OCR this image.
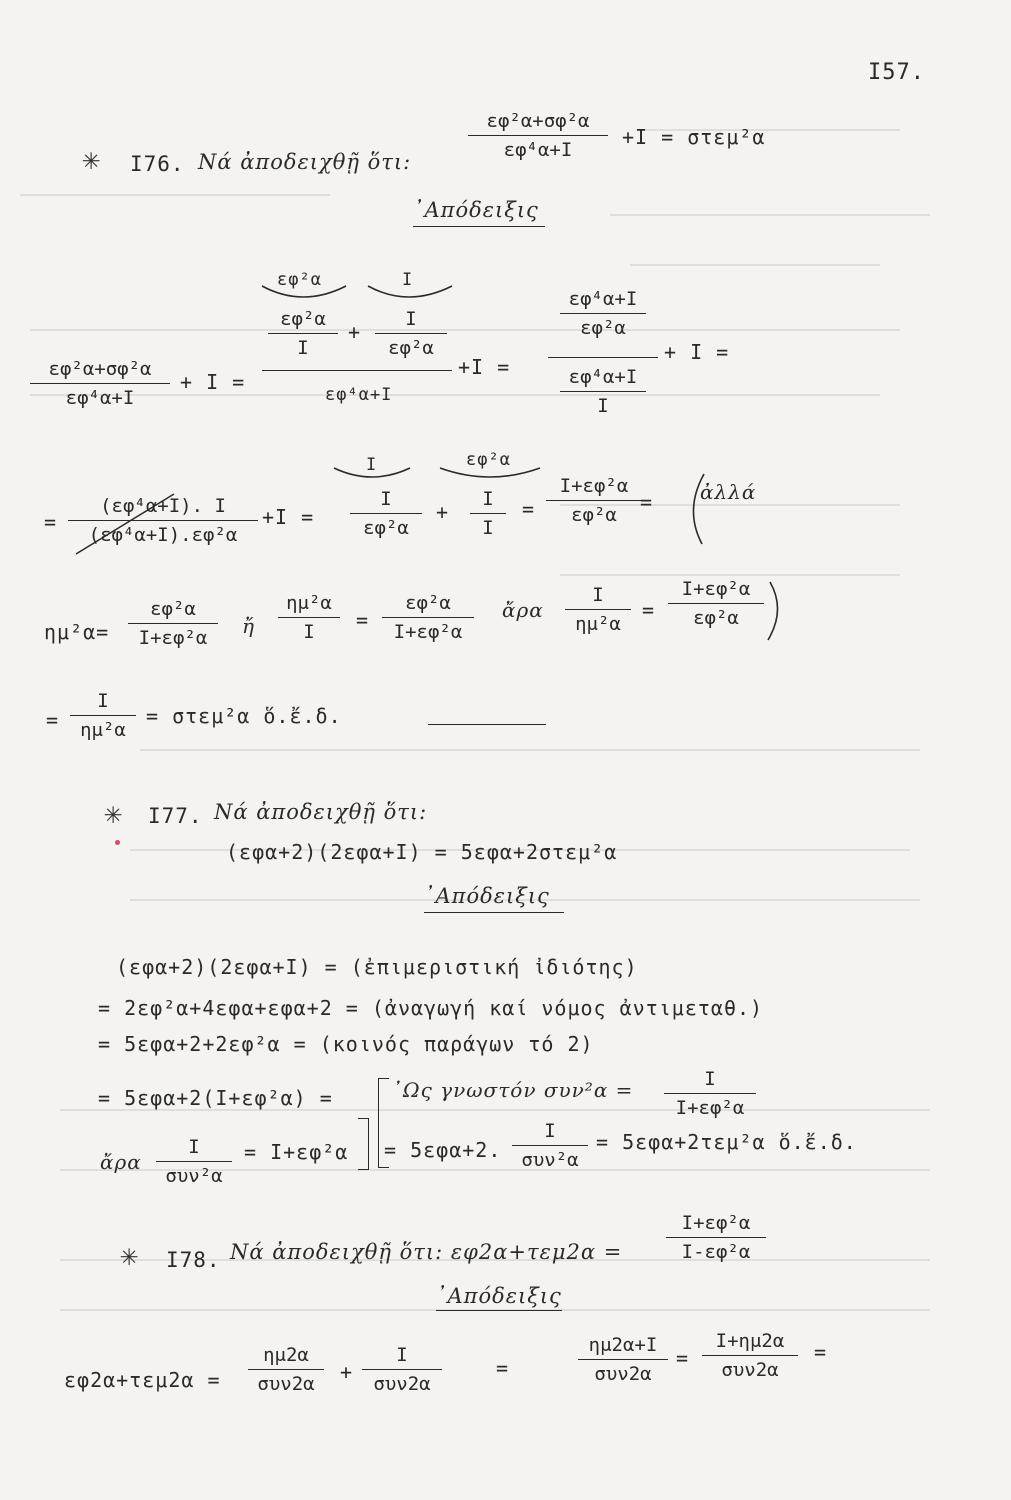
I57.
✳ I76. Νά ἀποδειχθῇ ὅτι:
εφ²α+σφ²α
εφ⁴α+I
+I = στεμ²α
᾿Απόδειξις
εφ²α+σφ²α
εφ⁴α+I
+ I =
εφ²α	I
εφ²α
I
+
I
εφ²α
εφ⁴α+I
+I =
εφ⁴α+I
εφ²α
εφ⁴α+I
I
+ I =
=
(εφ⁴α+I). I
(εφ⁴α+I).εφ²α
+I =
I	εφ²α
I
εφ²α
+
I
I
=
I+εφ²α
εφ²α
= ἀλλά
ημ²α=
εφ²α
I+εφ²α	ἤ
ημ²α
I	=
εφ²α
I+εφ²α
ἄρα
I
ημ²α
=
I+εφ²α
εφ²α
=
I
ημ²α
= στεμ²α ὅ.ἔ.δ.
✳ I77. Νά ἀποδειχθῇ ὅτι:
(εφα+2)(2εφα+I) = 5εφα+2στεμ²α
᾿Απόδειξις
(εφα+2)(2εφα+I) = (ἐπιμεριστική ἰδιότης)
= 2εφ²α+4εφα+εφα+2 = (ἀναγωγή καί νόμος ἀντιμεταθ.)
= 5εφα+2+2εφ²α = (κοινός παράγων τό 2)
= 5εφα+2(I+εφ²α) =	᾿Ως γνωστόν συν²α =	I
I+εφ²α
ἄρα
I
συν²α
= I+εφ²α = 5εφα+2.
I
συν²α
= 5εφα+2τεμ²α ὅ.ἔ.δ.
✳ I78. Νά ἀποδειχθῇ ὅτι: εφ2α+τεμ2α =
I+εφ²α
I-εφ²α
᾿Απόδειξις
εφ2α+τεμ2α =
ημ2α
συν2α	+
I
συν2α
=
ημ2α+I
συν2α
=
I+ημ2α
συν2α
=
